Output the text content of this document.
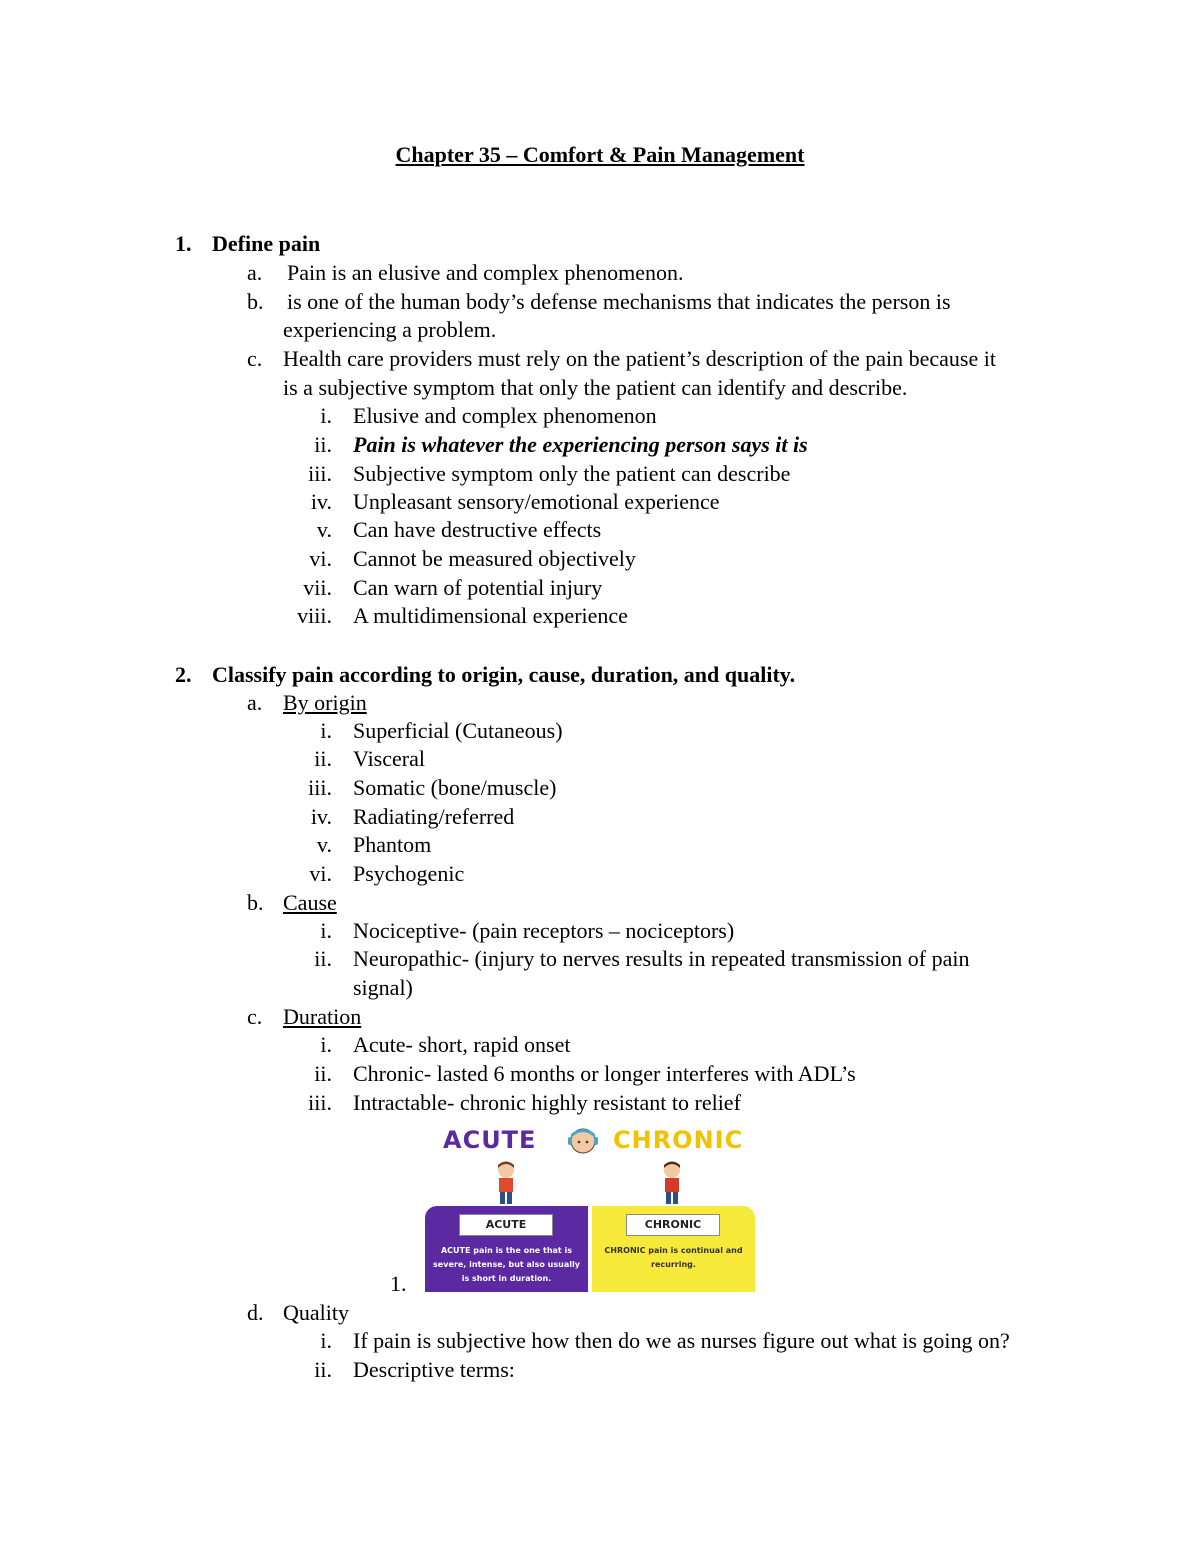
Chapter 35 – Comfort & Pain Management
1. Define pain
a. Pain is an elusive and complex phenomenon.
b. is one of the human body’s defense mechanisms that indicates the person is
experiencing a problem.
c. Health care providers must rely on the patient’s description of the pain because it
is a subjective symptom that only the patient can identify and describe.
i. Elusive and complex phenomenon
ii. Pain is whatever the experiencing person says it is
iii. Subjective symptom only the patient can describe
iv. Unpleasant sensory/emotional experience
v. Can have destructive effects
vi. Cannot be measured objectively
vii. Can warn of potential injury
viii. A multidimensional experience
2. Classify pain according to origin, cause, duration, and quality.
a. By origin
i. Superficial (Cutaneous)
ii. Visceral
iii. Somatic (bone/muscle)
iv. Radiating/referred
v. Phantom
vi. Psychogenic
b. Cause
i. Nociceptive- (pain receptors – nociceptors)
ii. Neuropathic- (injury to nerves results in repeated transmission of pain
signal)
c. Duration
i. Acute- short, rapid onset
ii. Chronic- lasted 6 months or longer interferes with ADL’s
iii. Intractable- chronic highly resistant to relief
1.
ACUTE	CHRONIC
ACUTE
ACUTE pain is the one that is severe, intense, but also usually is short in duration.
CHRONIC
CHRONIC pain is continual and recurring.
d. Quality
i. If pain is subjective how then do we as nurses figure out what is going on?
ii. Descriptive terms:
